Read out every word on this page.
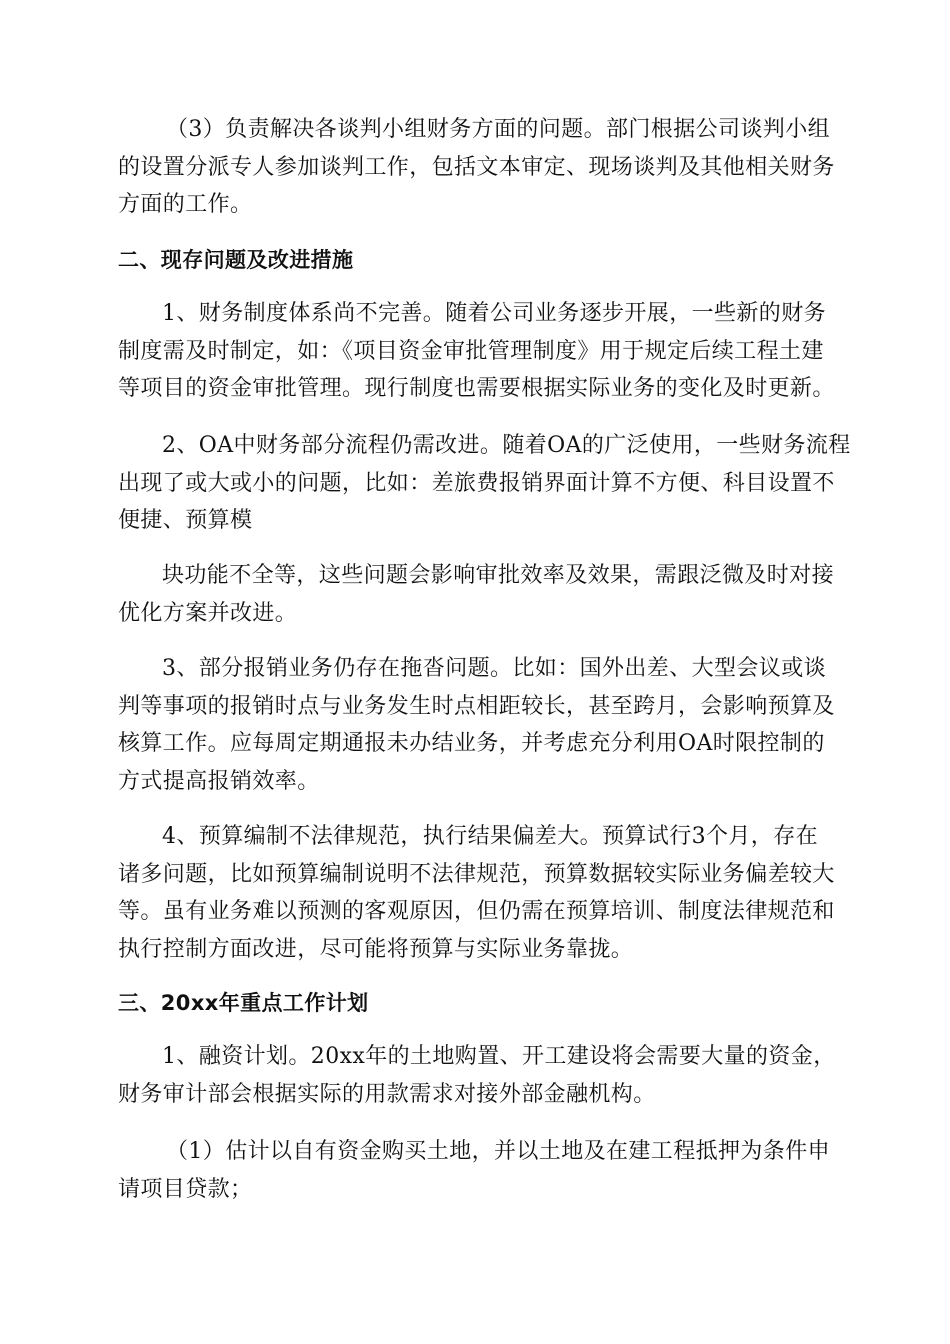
（3）负责解决各谈判小组财务方面的问题。部门根据公司谈判小组
的设置分派专人参加谈判工作，包括文本审定、现场谈判及其他相关财务
方面的工作。

二、现存问题及改进措施

1、财务制度体系尚不完善。随着公司业务逐步开展，一些新的财务
制度需及时制定，如：《项目资金审批管理制度》用于规定后续工程土建
等项目的资金审批管理。现行制度也需要根据实际业务的变化及时更新。

2、OA中财务部分流程仍需改进。随着OA的广泛使用，一些财务流程
出现了或大或小的问题，比如：差旅费报销界面计算不方便、科目设置不
便捷、预算模

块功能不全等，这些问题会影响审批效率及效果，需跟泛微及时对接
优化方案并改进。

3、部分报销业务仍存在拖沓问题。比如：国外出差、大型会议或谈
判等事项的报销时点与业务发生时点相距较长，甚至跨月，会影响预算及
核算工作。应每周定期通报未办结业务，并考虑充分利用OA时限控制的
方式提高报销效率。

4、预算编制不法律规范，执行结果偏差大。预算试行3个月，存在
诸多问题，比如预算编制说明不法律规范，预算数据较实际业务偏差较大
等。虽有业务难以预测的客观原因，但仍需在预算培训、制度法律规范和
执行控制方面改进，尽可能将预算与实际业务靠拢。

三、20xx年重点工作计划

1、融资计划。20xx年的土地购置、开工建设将会需要大量的资金，
财务审计部会根据实际的用款需求对接外部金融机构。

（1）估计以自有资金购买土地，并以土地及在建工程抵押为条件申
请项目贷款；
